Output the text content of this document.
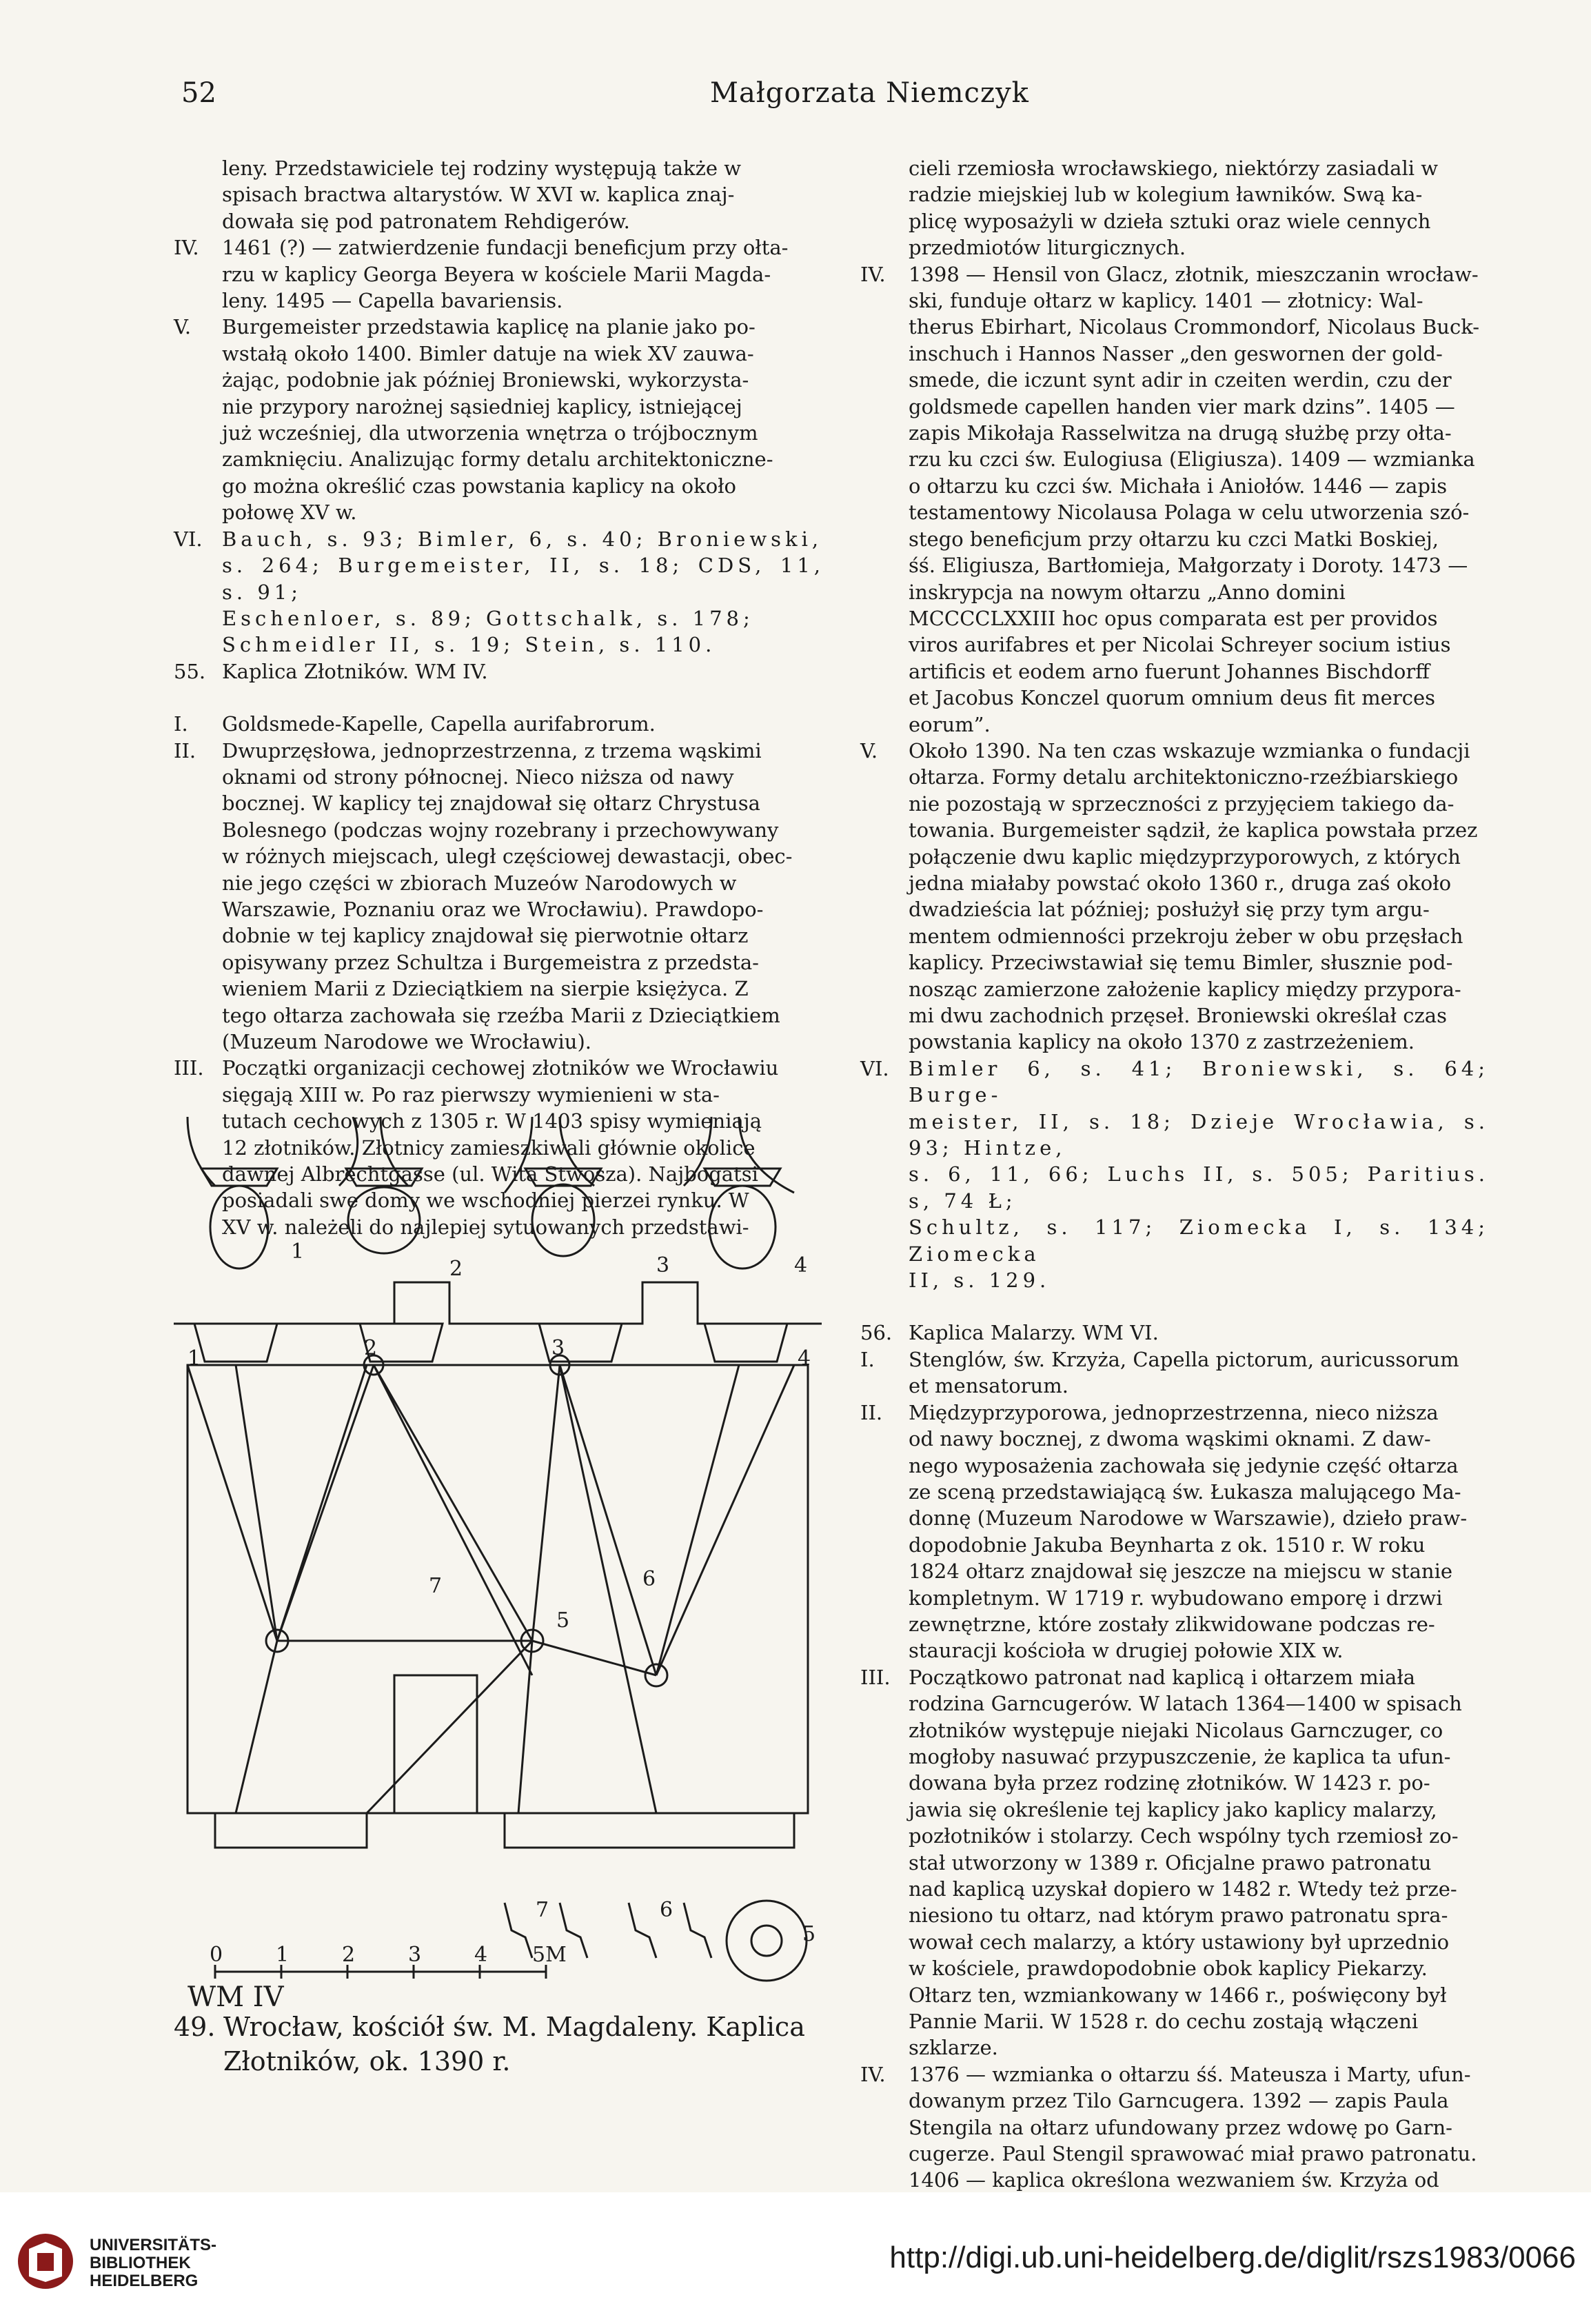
52	Małgorzata Niemczyk

leny. Przedstawiciele tej rodziny występują także w

spisach bractwa altarystów. W XVI w. kaplica znaj-

dowała się pod patronatem Rehdigerów.

IV.	1461 (?) — zatwierdzenie fundacji beneficjum przy ołta-

rzu w kaplicy Georga Beyera w kościele Marii Magda-

leny. 1495 — Capella bavariensis.

V.	Burgemeister przedstawia kaplicę na planie jako po-

wstałą około 1400. Bimler datuje na wiek XV zauwa-

żając, podobnie jak później Broniewski, wykorzysta-

nie przypory narożnej sąsiedniej kaplicy, istniejącej

już wcześniej, dla utworzenia wnętrza o trójbocznym

zamknięciu. Analizując formy detalu architektoniczne-

go można określić czas powstania kaplicy na około

połowę XV w.

VI. Bauch, s. 93; Bimler, 6, s. 40; Broniewski,

s. 264; Burgemeister, II, s. 18; CDS, 11, s. 91;

Eschenloer, s. 89; Gottschalk, s. 178;

Schmeidler II, s. 19; Stein, s. 110.

55. Kaplica Złotników. WM IV.

I.	Goldsmede-Kapelle, Capella aurifabrorum.

II.	Dwuprzęsłowa, jednoprzestrzenna, z trzema wąskimi

oknami od strony północnej. Nieco niższa od nawy

bocznej. W kaplicy tej znajdował się ołtarz Chrystusa

Bolesnego (podczas wojny rozebrany i przechowywany

w różnych miejscach, uległ częściowej dewastacji, obec-

nie jego części w zbiorach Muzeów Narodowych w

Warszawie, Poznaniu oraz we Wrocławiu). Prawdopo-

dobnie w tej kaplicy znajdował się pierwotnie ołtarz

opisywany przez Schultza i Burgemeistra z przedsta-

wieniem Marii z Dzieciątkiem na sierpie księżyca. Z

tego ołtarza zachowała się rzeźba Marii z Dzieciątkiem

(Muzeum Narodowe we Wrocławiu).

III. Początki organizacji cechowej złotników we Wrocławiu

sięgają XIII w. Po raz pierwszy wymienieni w sta-

tutach cechowych z 1305 r. W 1403 spisy wymieniają

12 złotników. Złotnicy zamieszkiwali głównie okolice

dawnej Albrechtgasse (ul. Wita Stwosza). Najbogatsi

posiadali swe domy we wschodniej pierzei rynku. W

XV w. należeli do najlepiej sytuowanych przedstawi-

1
2	3	4
1	2	3	4
5
6
7
7	6
5
0	1	2	3	4 5M
WM IV
49. Wrocław, kościół św. M. Magdaleny. Kaplica
Złotników, ok. 1390 r.

cieli rzemiosła wrocławskiego, niektórzy zasiadali w

radzie miejskiej lub w kolegium ławników. Swą ka-

plicę wyposażyli w dzieła sztuki oraz wiele cennych

przedmiotów liturgicznych.

IV.	1398 — Hensil von Glacz, złotnik, mieszczanin wrocław-

ski, funduje ołtarz w kaplicy. 1401 — złotnicy: Wal-

therus Ebirhart, Nicolaus Crommondorf, Nicolaus Buck-

inschuch i Hannos Nasser „den geswornen der gold-

smede, die iczunt synt adir in czeiten werdin, czu der

goldsmede capellen handen vier mark dzins”. 1405 —

zapis Mikołaja Rasselwitza na drugą służbę przy ołta-

rzu ku czci św. Eulogiusa (Eligiusza). 1409 — wzmianka

o ołtarzu ku czci św. Michała i Aniołów. 1446 — zapis

testamentowy Nicolausa Polaga w celu utworzenia szó-

stego beneficjum przy ołtarzu ku czci Matki Boskiej,

śś. Eligiusza, Bartłomieja, Małgorzaty i Doroty. 1473 —

inskrypcja na nowym ołtarzu „Anno domini

MCCCCLXXIII hoc opus comparata est per providos

viros aurifabres et per Nicolai Schreyer socium istius

artificis et eodem arno fuerunt Johannes Bischdorff

et Jacobus Konczel quorum omnium deus fit merces

eorum”.

V.	Około 1390. Na ten czas wskazuje wzmianka o fundacji

ołtarza. Formy detalu architektoniczno-rzeźbiarskiego

nie pozostają w sprzeczności z przyjęciem takiego da-

towania. Burgemeister sądził, że kaplica powstała przez

połączenie dwu kaplic międzyprzyporowych, z których

jedna miałaby powstać około 1360 r., druga zaś około

dwadzieścia lat później; posłużył się przy tym argu-

mentem odmienności przekroju żeber w obu przęsłach

kaplicy. Przeciwstawiał się temu Bimler, słusznie pod-

nosząc zamierzone założenie kaplicy między przypora-

mi dwu zachodnich przęseł. Broniewski określał czas

powstania kaplicy na około 1370 z zastrzeżeniem.

VI. Bimler 6, s. 41; Broniewski, s. 64; Burge-

meister, II, s. 18; Dzieje Wrocławia, s. 93; Hintze,

s. 6, 11, 66; Luchs II, s. 505; Paritius. s, 74 Ł;

Schultz, s. 117; Ziomecka I, s. 134; Ziomecka

II, s. 129.

56. Kaplica Malarzy. WM VI.

I.	Stenglów, św. Krzyża, Capella pictorum, auricussorum

et mensatorum.

II.	Międzyprzyporowa, jednoprzestrzenna, nieco niższa

od nawy bocznej, z dwoma wąskimi oknami. Z daw-

nego wyposażenia zachowała się jedynie część ołtarza

ze sceną przedstawiającą św. Łukasza malującego Ma-

donnę (Muzeum Narodowe w Warszawie), dzieło praw-

dopodobnie Jakuba Beynharta z ok. 1510 r. W roku

1824 ołtarz znajdował się jeszcze na miejscu w stanie

kompletnym. W 1719 r. wybudowano emporę i drzwi

zewnętrzne, które zostały zlikwidowane podczas re-

stauracji kościoła w drugiej połowie XIX w.

III. Początkowo patronat nad kaplicą i ołtarzem miała

rodzina Garncugerów. W latach 1364—1400 w spisach

złotników występuje niejaki Nicolaus Garnczuger, co

mogłoby nasuwać przypuszczenie, że kaplica ta ufun-

dowana była przez rodzinę złotników. W 1423 r. po-

jawia się określenie tej kaplicy jako kaplicy malarzy,

pozłotników i stolarzy. Cech wspólny tych rzemiosł zo-

stał utworzony w 1389 r. Oficjalne prawo patronatu

nad kaplicą uzyskał dopiero w 1482 r. Wtedy też prze-

niesiono tu ołtarz, nad którym prawo patronatu spra-

wował cech malarzy, a który ustawiony był uprzednio

w kościele, prawdopodobnie obok kaplicy Piekarzy.

Ołtarz ten, wzmiankowany w 1466 r., poświęcony był

Pannie Marii. W 1528 r. do cechu zostają włączeni

szklarze.

IV.	1376 — wzmianka o ołtarzu śś. Mateusza i Marty, ufun-

dowanym przez Tilo Garncugera. 1392 — zapis Paula

Stengila na ołtarz ufundowany przez wdowę po Garn-

cugerze. Paul Stengil sprawować miał prawo patronatu.

1406 — kaplica określona wezwaniem św. Krzyża od

UNIVERSITÄTS-
BIBLIOTHEK
HEIDELBERG
http://digi.ub.uni-heidelberg.de/diglit/rszs1983/0066
